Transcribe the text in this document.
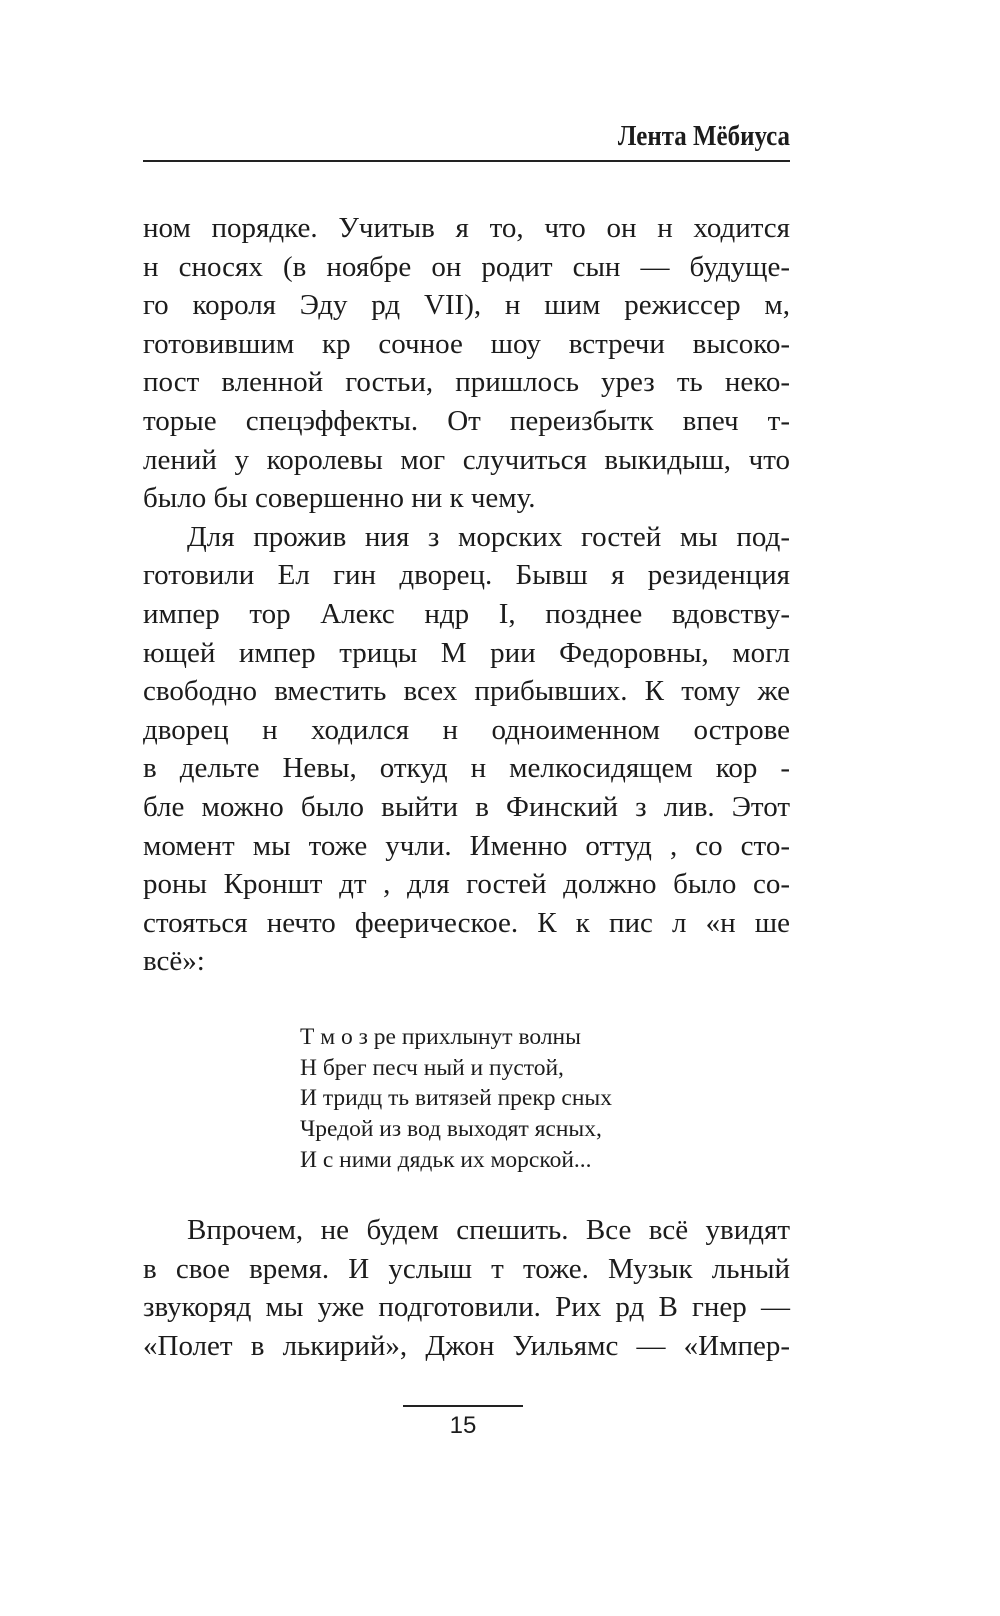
Лента Мёбиуса

ном порядке. Учитыв я то, что он н ходится
н сносях (в ноябре он родит сын — будуще-
го короля Эду рд VII), н шим режиссер м,
готовившим кр сочное шоу встречи высоко-
пост вленной гостьи, пришлось урез ть неко-
торые спецэффекты. От переизбытк впеч т-
лений у королевы мог случиться выкидыш, что
было бы совершенно ни к чему.

Для прожив ния з морских гостей мы под-
готовили Ел гин дворец. Бывш я резиденция
импер тор Алекс ндр I, позднее вдовству-
ющей импер трицы М рии Федоровны, могл
свободно вместить всех прибывших. К тому же
дворец н ходился н одноименном острове
в дельте Невы, откуд н мелкосидящем кор -
бле можно было выйти в Финский з лив. Этот
момент мы тоже учли. Именно оттуд , со сто-
роны Кроншт дт , для гостей должно было со-
стояться нечто феерическое. К к пис л «н ше
всё»:

Т м о з ре прихлынут волны
Н брег песч ный и пустой,
И тридц ть витязей прекр сных
Чредой из вод выходят ясных,
И с ними дядьк их морской...

Впрочем, не будем спешить. Все всё увидят
в свое время. И услыш т тоже. Музык льный
звукоряд мы уже подготовили. Рих рд В гнер —
«Полет в лькирий», Джон Уильямс — «Импер-

15
